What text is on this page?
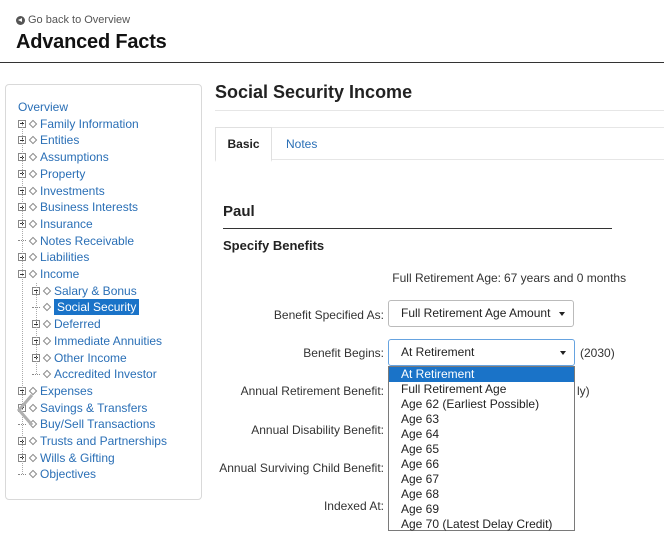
Go back to Overview
Advanced Facts
Overview
Family Information
Entities
Assumptions
Property
Investments
Business Interests
Insurance
Notes Receivable
Liabilities
Income
Salary & Bonus
Social Security
Deferred
Immediate Annuities
Other Income
Accredited Investor
Expenses
Savings & Transfers
Buy/Sell Transactions
Trusts and Partnerships
Wills & Gifting
Objectives
Social Security Income
Basic	Notes
Paul
Specify Benefits
Full Retirement Age: 67 years and 0 months
Benefit Specified As:	Full Retirement Age Amount
Benefit Begins:	At Retirement	(2030)
Annual Retirement Benefit:	ly)
Annual Disability Benefit:
Annual Surviving Child Benefit:
Indexed At:
At Retirement
Full Retirement Age
Age 62 (Earliest Possible)
Age 63
Age 64
Age 65
Age 66
Age 67
Age 68
Age 69
Age 70 (Latest Delay Credit)
